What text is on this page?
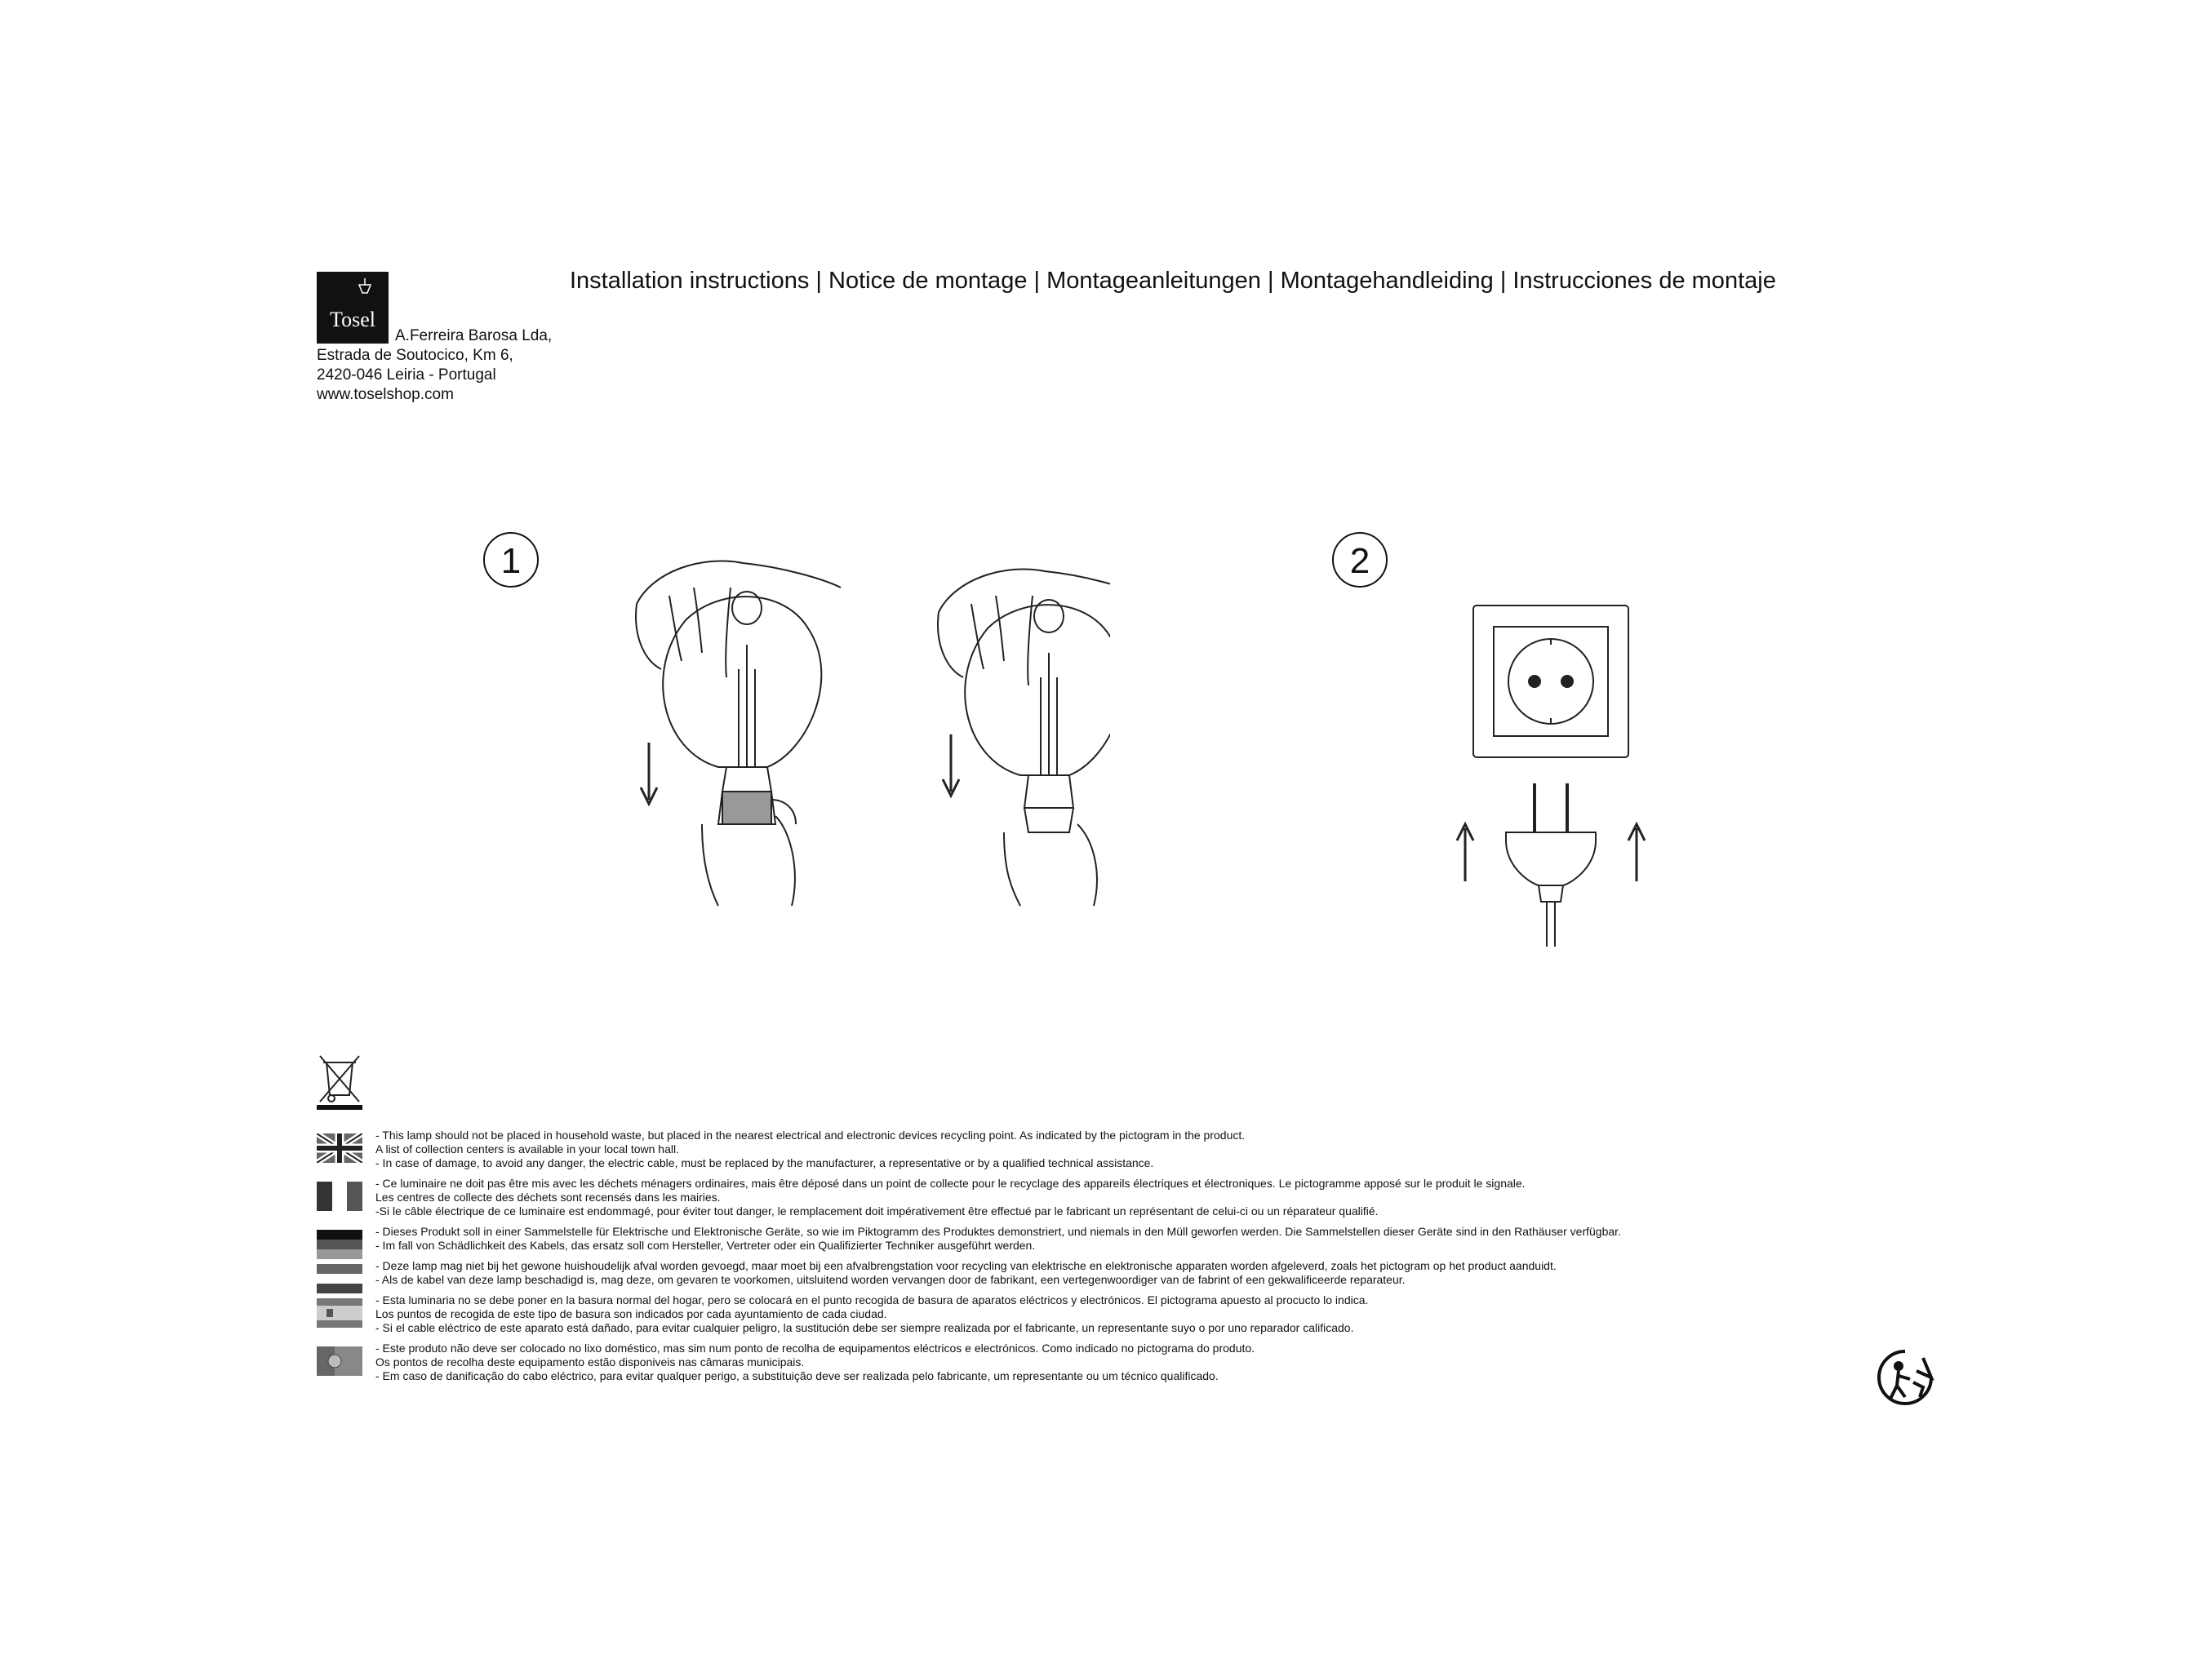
Tosel
Installation instructions | Notice de montage | Montageanleitungen | Montagehandleiding | Instrucciones de montaje
A.Ferreira Barosa Lda,
Estrada de Soutocico, Km 6,
2420-046 Leiria - Portugal
www.toselshop.com
1	2
- This lamp should not be placed in household waste, but placed in the nearest electrical and electronic devices recycling point. As indicated by the pictogram in the product.
A list of collection centers is available in your local town hall.
- In case of damage, to avoid any danger, the electric cable, must be replaced by the manufacturer, a representative or by a qualified technical assistance.
- Ce luminaire ne doit pas être mis avec les déchets ménagers ordinaires, mais être déposé dans un point de collecte pour le recyclage des appareils électriques et électroniques. Le pictogramme apposé sur le produit le signale.
Les centres de collecte des déchets sont recensés dans les mairies.
-Si le câble électrique de ce luminaire est endommagé, pour éviter tout danger, le remplacement doit impérativement être effectué par le fabricant un représentant de celui-ci ou un réparateur qualifié.
- Dieses Produkt soll in einer Sammelstelle für Elektrische und Elektronische Geräte, so wie im Piktogramm des Produktes demonstriert, und niemals in den Müll geworfen werden. Die Sammelstellen dieser Geräte sind in den Rathäuser verfügbar.
- Im fall von Schädlichkeit des Kabels, das ersatz soll com Hersteller, Vertreter oder ein Qualifizierter Techniker ausgeführt werden.
- Deze lamp mag niet bij het gewone huishoudelijk afval worden gevoegd, maar moet bij een afvalbrengstation voor recycling van elektrische en elektronische apparaten worden afgeleverd, zoals het pictogram op het product aanduidt.
- Als de kabel van deze lamp beschadigd is, mag deze, om gevaren te voorkomen, uitsluitend worden vervangen door de fabrikant, een vertegenwoordiger van de fabrint of een gekwalificeerde reparateur.
- Esta luminaria no se debe poner en la basura normal del hogar, pero se colocará en el punto recogida de basura de aparatos eléctricos y electrónicos. El pictograma apuesto al procucto lo indica.
Los puntos de recogida de este tipo de basura son indicados por cada ayuntamiento de cada ciudad.
- Si el cable eléctrico de este aparato está dañado, para evitar cualquier peligro, la sustitución debe ser siempre realizada por el fabricante, un representante suyo o por uno reparador calificado.
- Este produto não deve ser colocado no lixo doméstico, mas sim num ponto de recolha de equipamentos eléctricos e electrónicos. Como indicado no pictograma do produto.
Os pontos de recolha deste equipamento estão disponiveis nas câmaras municipais.
- Em caso de danificação do cabo eléctrico, para evitar qualquer perigo, a substituição deve ser realizada pelo fabricante, um representante ou um técnico qualificado.
